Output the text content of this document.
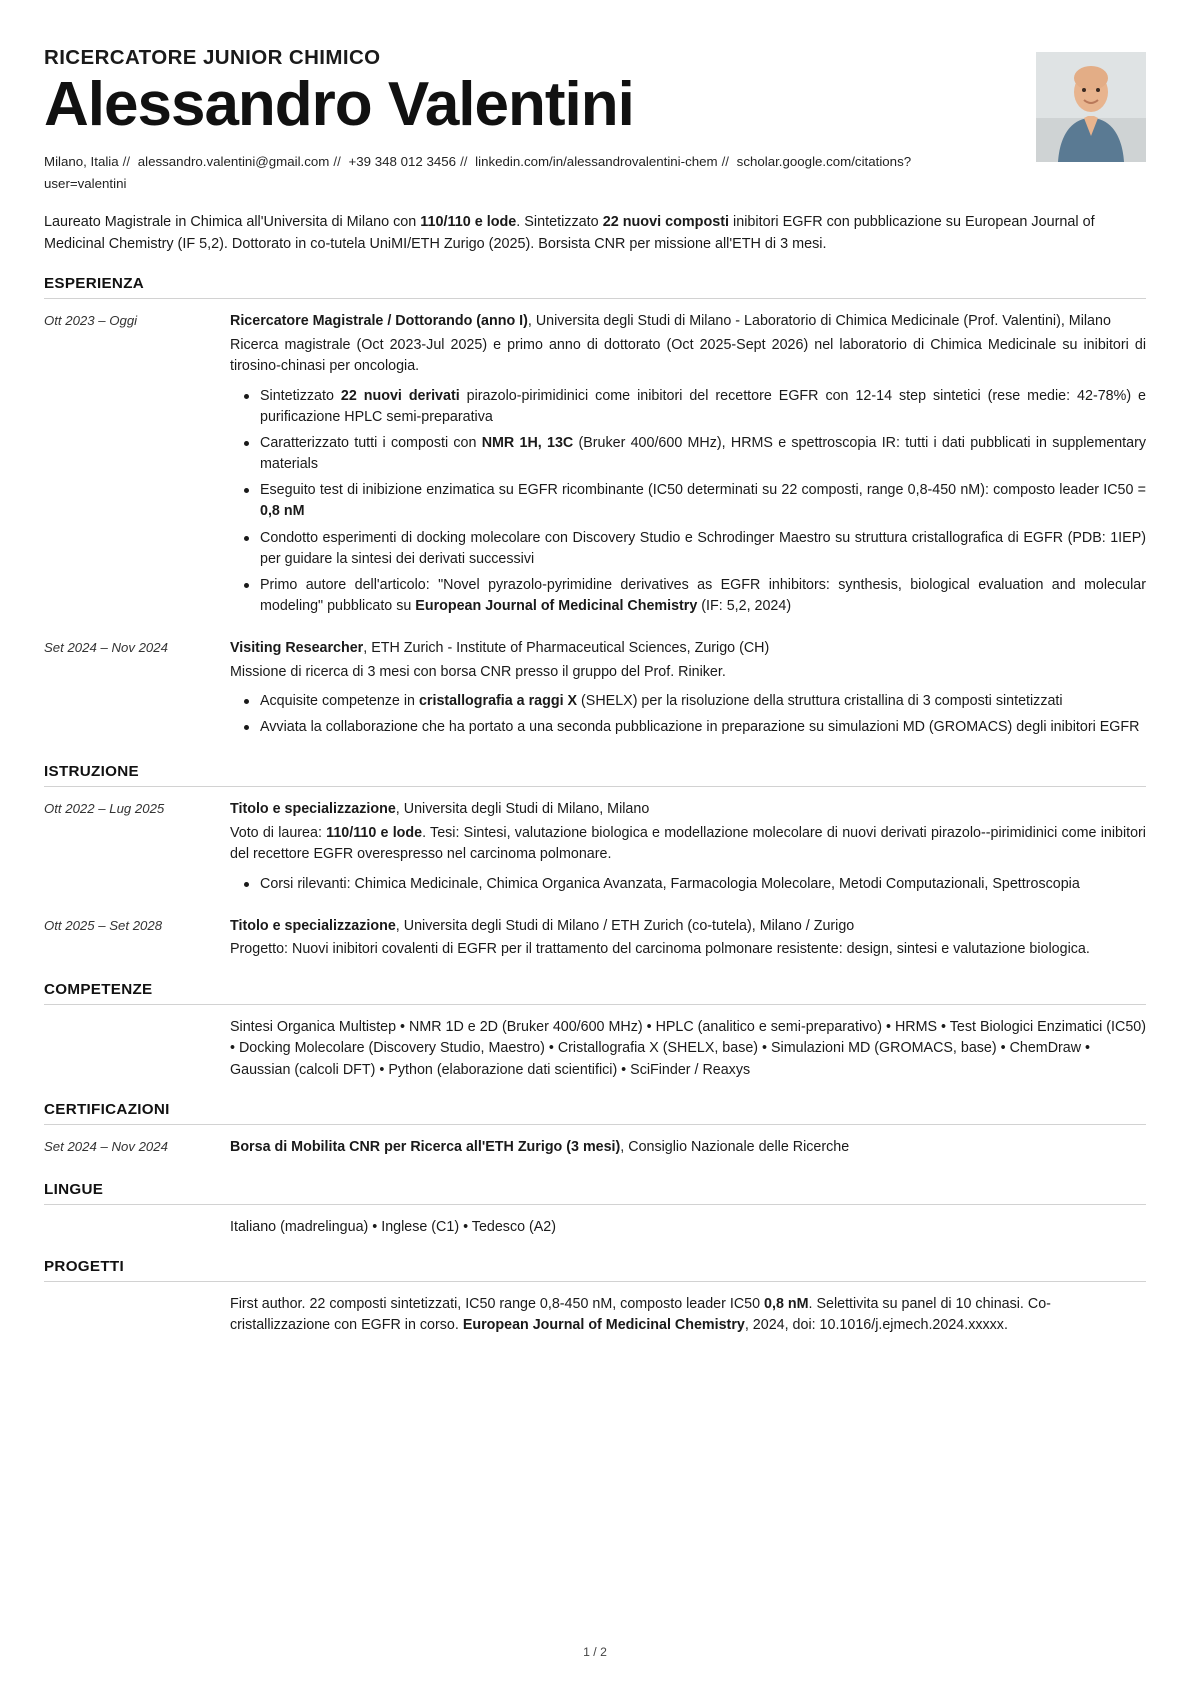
RICERCATORE JUNIOR CHIMICO
Alessandro Valentini
Milano, Italia // alessandro.valentini@gmail.com // +39 348 012 3456 // linkedin.com/in/alessandrovalentini-chem // scholar.google.com/citations?user=valentini
Laureato Magistrale in Chimica all'Universita di Milano con 110/110 e lode. Sintetizzato 22 nuovi composti inibitori EGFR con pubblicazione su European Journal of Medicinal Chemistry (IF 5,2). Dottorato in co-tutela UniMI/ETH Zurigo (2025). Borsista CNR per missione all'ETH di 3 mesi.
ESPERIENZA
Ott 2023 – Oggi	Ricercatore Magistrale / Dottorando (anno I), Universita degli Studi di Milano - Laboratorio di Chimica Medicinale (Prof. Valentini), Milano
Ricerca magistrale (Oct 2023-Jul 2025) e primo anno di dottorato (Oct 2025-Sept 2026) nel laboratorio di Chimica Medicinale su inibitori di tirosino-chinasi per oncologia.
Sintetizzato 22 nuovi derivati pirazolo-pirimidinici come inibitori del recettore EGFR con 12-14 step sintetici (rese medie: 42-78%) e purificazione HPLC semi-preparativa
Caratterizzato tutti i composti con NMR 1H, 13C (Bruker 400/600 MHz), HRMS e spettroscopia IR: tutti i dati pubblicati in supplementary materials
Eseguito test di inibizione enzimatica su EGFR ricombinante (IC50 determinati su 22 composti, range 0,8-450 nM): composto leader IC50 = 0,8 nM
Condotto esperimenti di docking molecolare con Discovery Studio e Schrodinger Maestro su struttura cristallografica di EGFR (PDB: 1IEP) per guidare la sintesi dei derivati successivi
Primo autore dell'articolo: "Novel pyrazolo-pyrimidine derivatives as EGFR inhibitors: synthesis, biological evaluation and molecular modeling" pubblicato su European Journal of Medicinal Chemistry (IF: 5,2, 2024)
Set 2024 – Nov 2024	Visiting Researcher, ETH Zurich - Institute of Pharmaceutical Sciences, Zurigo (CH)
Missione di ricerca di 3 mesi con borsa CNR presso il gruppo del Prof. Riniker.
Acquisite competenze in cristallografia a raggi X (SHELX) per la risoluzione della struttura cristallina di 3 composti sintetizzati
Avviata la collaborazione che ha portato a una seconda pubblicazione in preparazione su simulazioni MD (GROMACS) degli inibitori EGFR
ISTRUZIONE
Ott 2022 – Lug 2025	Titolo e specializzazione, Universita degli Studi di Milano, Milano
Voto di laurea: 110/110 e lode. Tesi: Sintesi, valutazione biologica e modellazione molecolare di nuovi derivati pirazolo--pirimidinici come inibitori del recettore EGFR overespresso nel carcinoma polmonare.
Corsi rilevanti: Chimica Medicinale, Chimica Organica Avanzata, Farmacologia Molecolare, Metodi Computazionali, Spettroscopia
Ott 2025 – Set 2028	Titolo e specializzazione, Universita degli Studi di Milano / ETH Zurich (co-tutela), Milano / Zurigo
Progetto: Nuovi inibitori covalenti di EGFR per il trattamento del carcinoma polmonare resistente: design, sintesi e valutazione biologica.
COMPETENZE
Sintesi Organica Multistep • NMR 1D e 2D (Bruker 400/600 MHz) • HPLC (analitico e semi-preparativo) • HRMS • Test Biologici Enzimatici (IC50) • Docking Molecolare (Discovery Studio, Maestro) • Cristallografia X (SHELX, base) • Simulazioni MD (GROMACS, base) • ChemDraw • Gaussian (calcoli DFT) • Python (elaborazione dati scientifici) • SciFinder / Reaxys
CERTIFICAZIONI
Set 2024 – Nov 2024	Borsa di Mobilita CNR per Ricerca all'ETH Zurigo (3 mesi), Consiglio Nazionale delle Ricerche
LINGUE
Italiano (madrelingua) • Inglese (C1) • Tedesco (A2)
PROGETTI
First author. 22 composti sintetizzati, IC50 range 0,8-450 nM, composto leader IC50 0,8 nM. Selettivita su panel di 10 chinasi. Co-cristallizzazione con EGFR in corso. European Journal of Medicinal Chemistry, 2024, doi: 10.1016/j.ejmech.2024.xxxxx.
1 / 2
